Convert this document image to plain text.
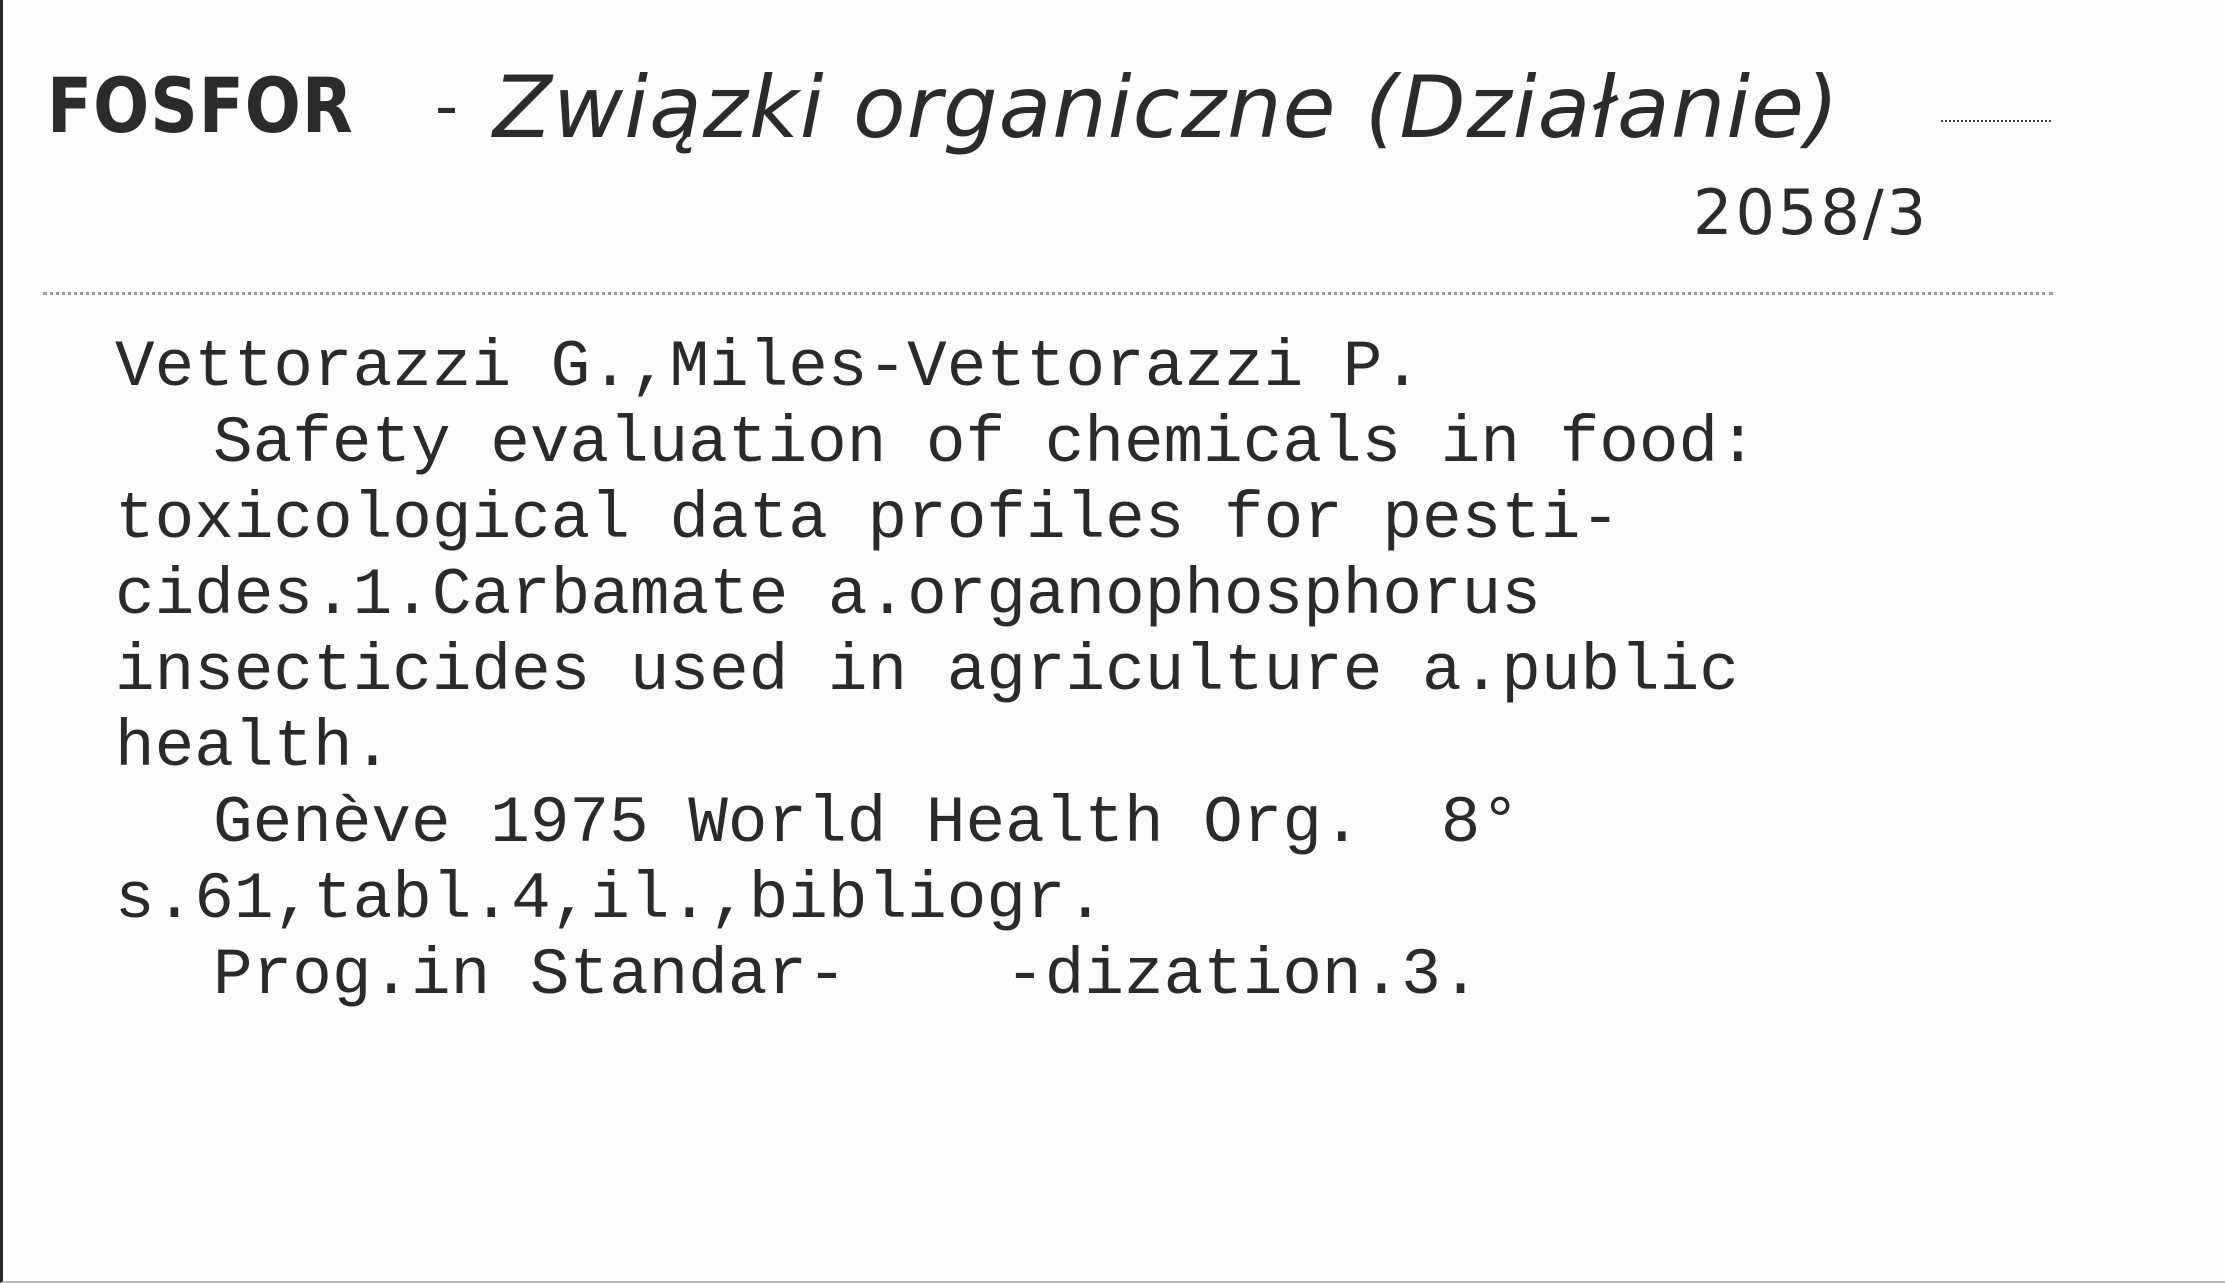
FOSFOR - Związki organiczne (Działanie)
2058/3
Vettorazzi G.,Miles-Vettorazzi P.
Safety evaluation of chemicals in food:
toxicological data profiles for pesti-
cides.1.Carbamate a.organophosphorus
insecticides used in agriculture a.public
health.
Genève 1975 World Health Org.  8°
s.61,tabl.4,il.,bibliogr.
Prog.in Standar- -dization.3.
